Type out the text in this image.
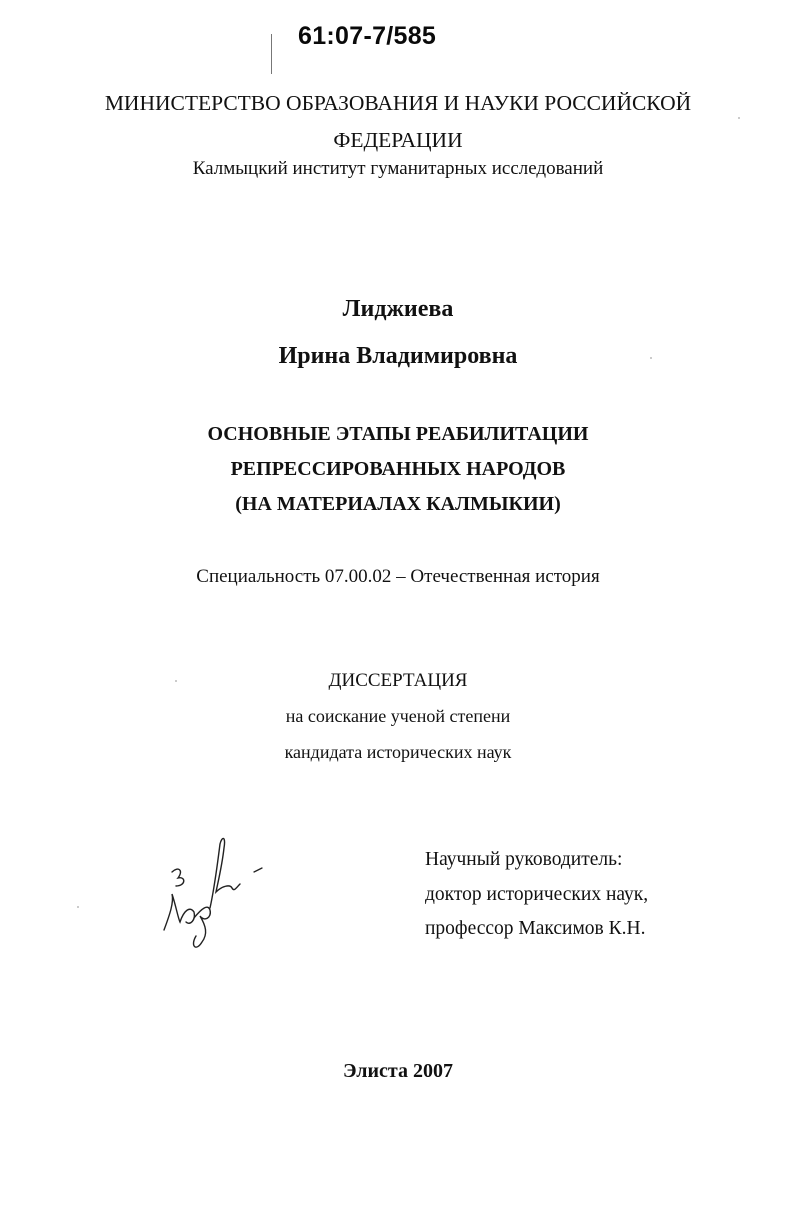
61:07-7/585
МИНИСТЕРСТВО ОБРАЗОВАНИЯ И НАУКИ РОССИЙСКОЙ
ФЕДЕРАЦИИ
Калмыцкий институт гуманитарных исследований
Лиджиева
Ирина Владимировна
ОСНОВНЫЕ ЭТАПЫ РЕАБИЛИТАЦИИ
РЕПРЕССИРОВАННЫХ НАРОДОВ
(НА МАТЕРИАЛАХ КАЛМЫКИИ)
Специальность 07.00.02 – Отечественная история
ДИССЕРТАЦИЯ
на соискание ученой степени
кандидата исторических наук
Научный руководитель:
доктор исторических наук,
профессор Максимов К.Н.
Элиста 2007
